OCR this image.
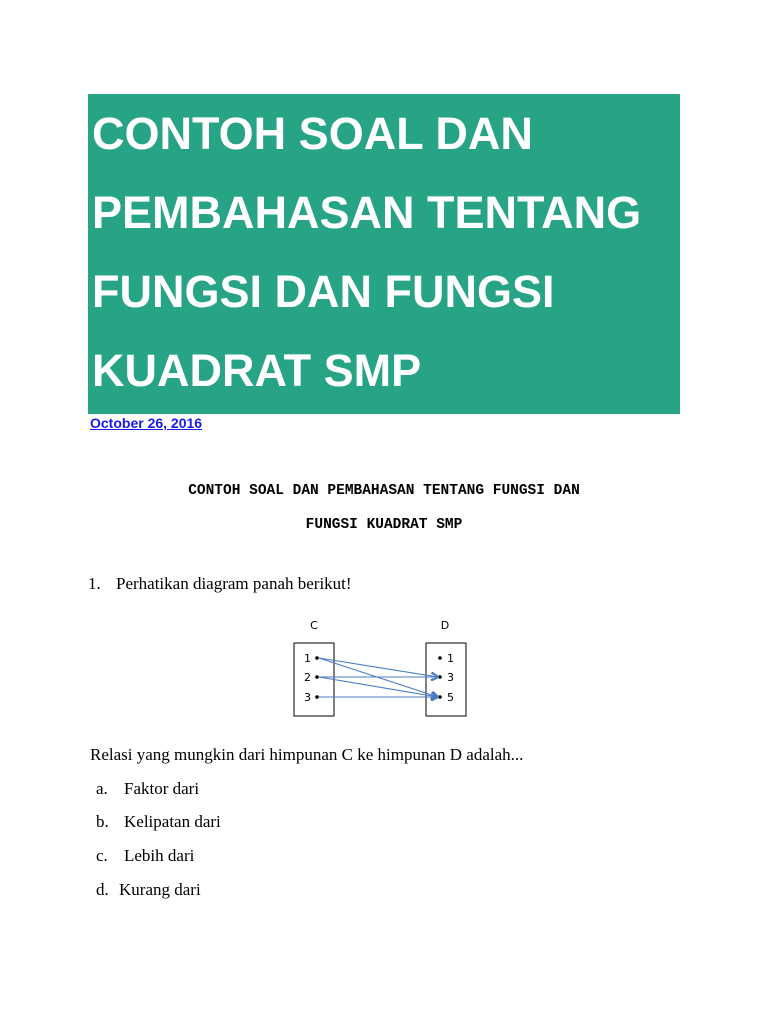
CONTOH SOAL DAN
PEMBAHASAN TENTANG
FUNGSI DAN FUNGSI
KUADRAT SMP
October 26, 2016

CONTOH SOAL DAN PEMBAHASAN TENTANG FUNGSI DAN
FUNGSI KUADRAT SMP

1. Perhatikan diagram panah berikut!
C	D
1
2
3
1
3
5
Relasi yang mungkin dari himpunan C ke himpunan D adalah...
a. Faktor dari
b. Kelipatan dari
c. Lebih dari
d. Kurang dari
